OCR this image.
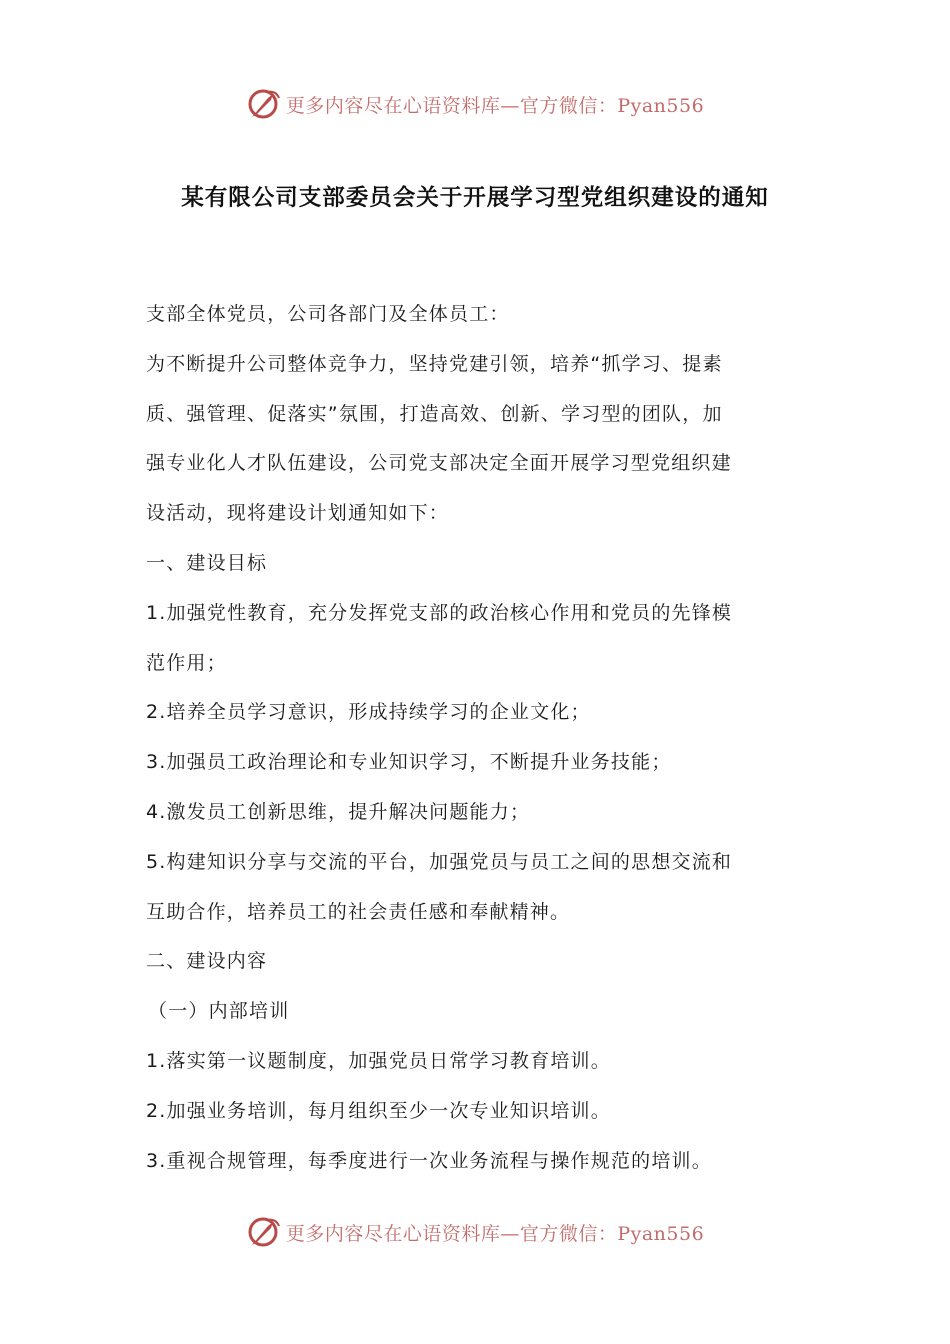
更多内容尽在心语资料库—官方微信：Pyan556
某有限公司支部委员会关于开展学习型党组织建设的通知
支部全体党员，公司各部门及全体员工：
为不断提升公司整体竞争力，坚持党建引领，培养“抓学习、提素
质、强管理、促落实”氛围，打造高效、创新、学习型的团队，加
强专业化人才队伍建设，公司党支部决定全面开展学习型党组织建
设活动，现将建设计划通知如下：
一、建设目标
1.加强党性教育，充分发挥党支部的政治核心作用和党员的先锋模
范作用；
2.培养全员学习意识，形成持续学习的企业文化；
3.加强员工政治理论和专业知识学习，不断提升业务技能；
4.激发员工创新思维，提升解决问题能力；
5.构建知识分享与交流的平台，加强党员与员工之间的思想交流和
互助合作，培养员工的社会责任感和奉献精神。
二、建设内容
（一）内部培训
1.落实第一议题制度，加强党员日常学习教育培训。
2.加强业务培训，每月组织至少一次专业知识培训。
3.重视合规管理，每季度进行一次业务流程与操作规范的培训。
更多内容尽在心语资料库—官方微信：Pyan556
